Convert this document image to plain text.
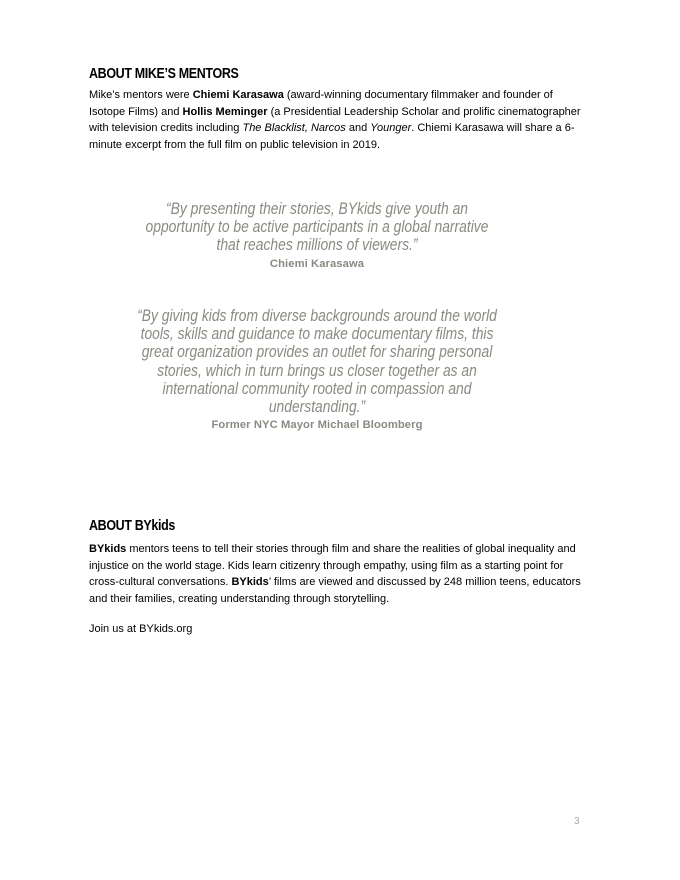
ABOUT MIKE’S MENTORS

Mike’s mentors were Chiemi Karasawa (award-winning documentary filmmaker and founder of Isotope Films) and Hollis Meminger (a Presidential Leadership Scholar and prolific cinematographer with television credits including The Blacklist, Narcos and Younger. Chiemi Karasawa will share a 6-minute excerpt from the full film on public television in 2019.

“By presenting their stories, BYkids give youth an opportunity to be active participants in a global narrative that reaches millions of viewers.”

Chiemi Karasawa

“By giving kids from diverse backgrounds around the world tools, skills and guidance to make documentary films, this great organization provides an outlet for sharing personal stories, which in turn brings us closer together as an international community rooted in compassion and understanding.”

Former NYC Mayor Michael Bloomberg

ABOUT BYkids

BYkids mentors teens to tell their stories through film and share the realities of global inequality and injustice on the world stage. Kids learn citizenry through empathy, using film as a starting point for cross-cultural conversations. BYkids’ films are viewed and discussed by 248 million teens, educators and their families, creating understanding through storytelling.

Join us at BYkids.org

3
